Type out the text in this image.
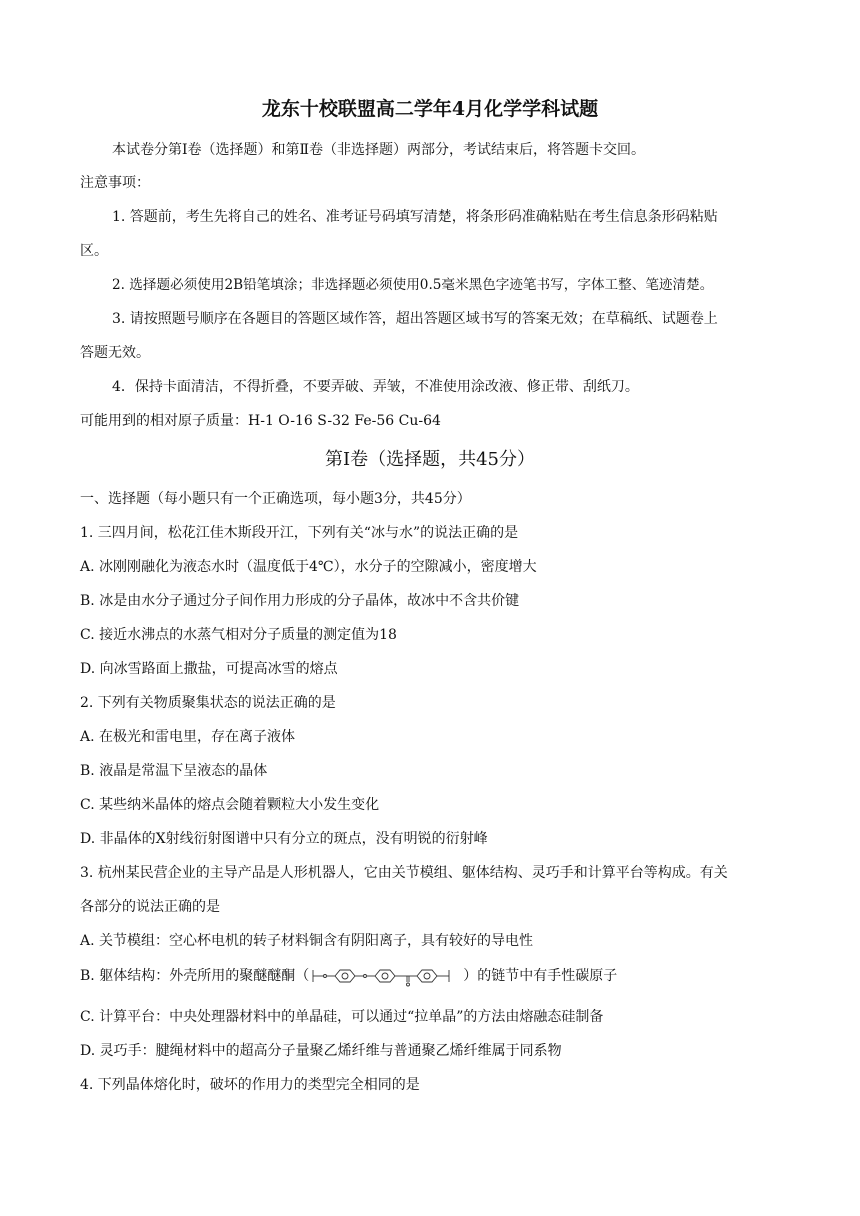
龙东十校联盟高二学年4月化学学科试题
本试卷分第Ⅰ卷（选择题）和第Ⅱ卷（非选择题）两部分，考试结束后，将答题卡交回。
注意事项：
1. 答题前，考生先将自己的姓名、准考证号码填写清楚，将条形码准确粘贴在考生信息条形码粘贴
区。
2. 选择题必须使用2B铅笔填涂；非选择题必须使用0.5毫米黑色字迹笔书写，字体工整、笔迹清楚。
3. 请按照题号顺序在各题目的答题区域作答，超出答题区域书写的答案无效；在草稿纸、试题卷上
答题无效。
4．保持卡面清洁，不得折叠，不要弄破、弄皱，不准使用涂改液、修正带、刮纸刀。
可能用到的相对原子质量：H-1 O-16 S-32 Fe-56 Cu-64
第Ⅰ卷（选择题，共45分）
一、选择题（每小题只有一个正确选项，每小题3分，共45分）
1. 三四月间，松花江佳木斯段开江，下列有关“冰与水”的说法正确的是
A. 冰刚刚融化为液态水时（温度低于4℃），水分子的空隙减小，密度增大
B. 冰是由水分子通过分子间作用力形成的分子晶体，故冰中不含共价键
C. 接近水沸点的水蒸气相对分子质量的测定值为18
D. 向冰雪路面上撒盐，可提高冰雪的熔点
2. 下列有关物质聚集状态的说法正确的是
A. 在极光和雷电里，存在离子液体
B. 液晶是常温下呈液态的晶体
C. 某些纳米晶体的熔点会随着颗粒大小发生变化
D. 非晶体的X射线衍射图谱中只有分立的斑点，没有明锐的衍射峰
3. 杭州某民营企业的主导产品是人形机器人，它由关节模组、躯体结构、灵巧手和计算平台等构成。有关
各部分的说法正确的是
A. 关节模组：空心杯电机的转子材料铜含有阴阳离子，具有较好的导电性
B. 躯体结构：外壳所用的聚醚醚酮（	）的链节中有手性碳原子
C. 计算平台：中央处理器材料中的单晶硅，可以通过“拉单晶”的方法由熔融态硅制备
D. 灵巧手：腱绳材料中的超高分子量聚乙烯纤维与普通聚乙烯纤维属于同系物
4. 下列晶体熔化时，破坏的作用力的类型完全相同的是
